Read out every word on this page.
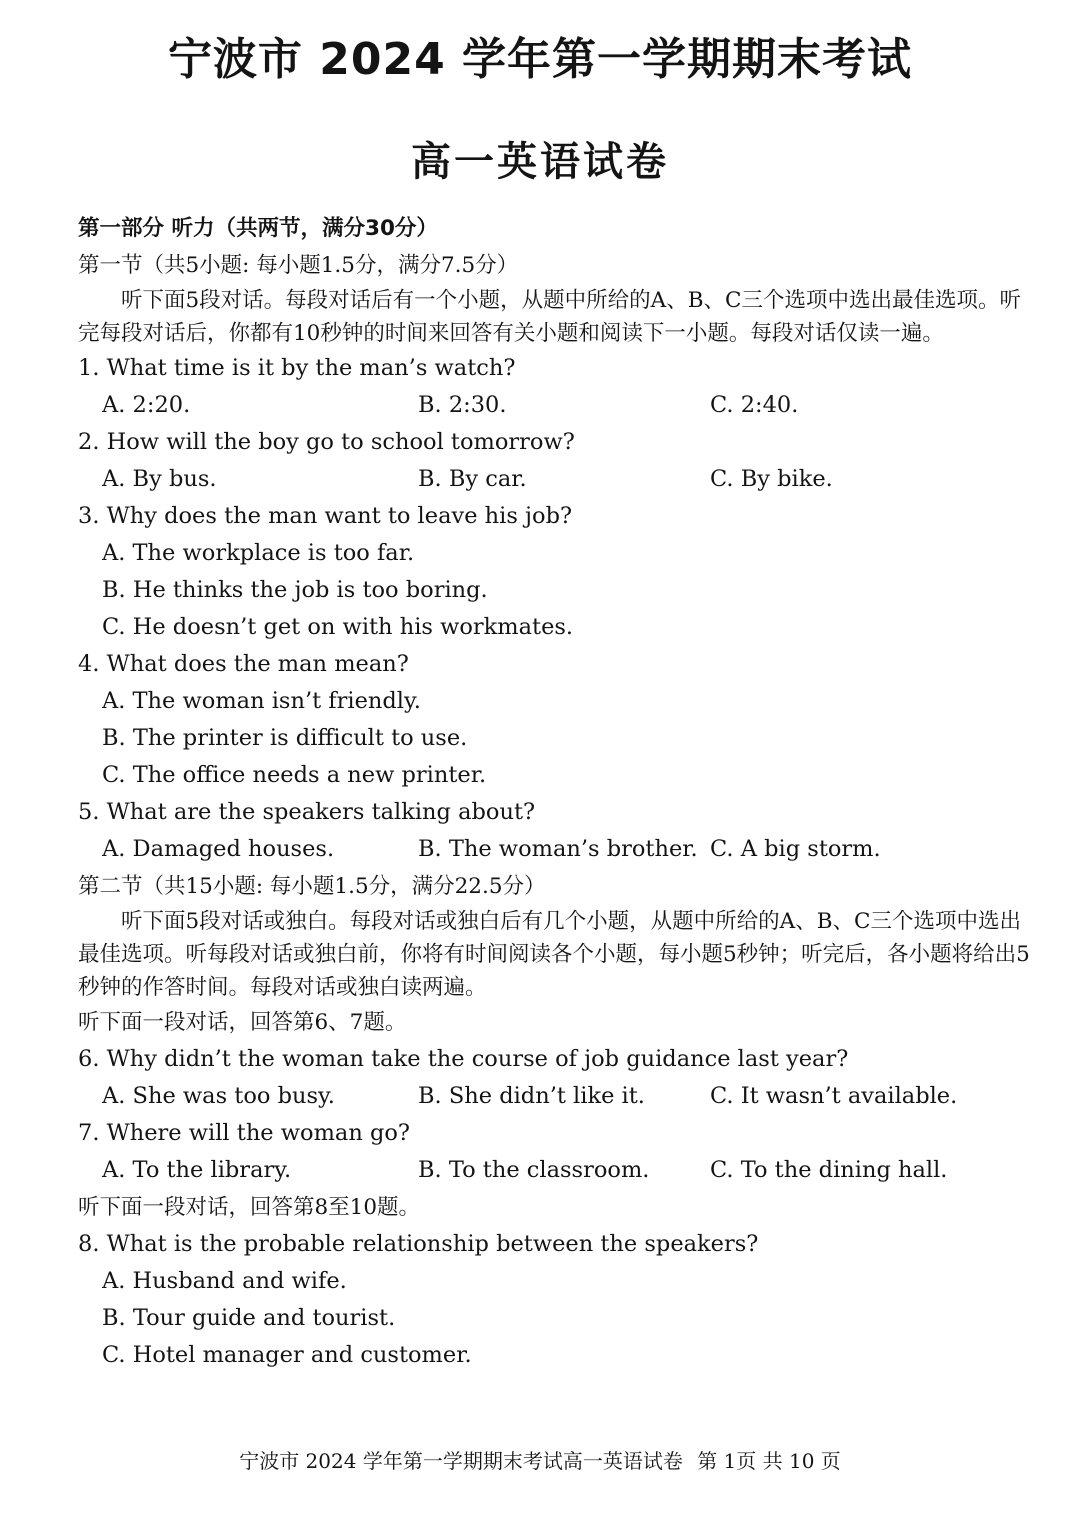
宁波市 2024 学年第一学期期末考试
高一英语试卷
第一部分 听力（共两节，满分30分）
第一节（共5小题: 每小题1.5分，满分7.5分）

听下面5段对话。每段对话后有一个小题，从题中所给的A、B、C三个选项中选出最佳选项。听完每段对话后，你都有10秒钟的时间来回答有关小题和阅读下一小题。每段对话仅读一遍。

1. What time is it by the man’s watch?
A. 2:20.	B. 2:30.	C. 2:40.
2. How will the boy go to school tomorrow?
A. By bus.	B. By car.	C. By bike.
3. Why does the man want to leave his job?
A. The workplace is too far.
B. He thinks the job is too boring.
C. He doesn’t get on with his workmates.
4. What does the man mean?
A. The woman isn’t friendly.
B. The printer is difficult to use.
C. The office needs a new printer.
5. What are the speakers talking about?
A. Damaged houses.	B. The woman’s brother. C. A big storm.
第二节（共15小题: 每小题1.5分，满分22.5分）

听下面5段对话或独白。每段对话或独白后有几个小题，从题中所给的A、B、C三个选项中选出最佳选项。听每段对话或独白前，你将有时间阅读各个小题，每小题5秒钟；听完后，各小题将给出5秒钟的作答时间。每段对话或独白读两遍。

听下面一段对话，回答第6、7题。
6. Why didn’t the woman take the course of job guidance last year?
A. She was too busy.	B. She didn’t like it.	C. It wasn’t available.
7. Where will the woman go?
A. To the library.	B. To the classroom.	C. To the dining hall.
听下面一段对话，回答第8至10题。
8. What is the probable relationship between the speakers?
A. Husband and wife.
B. Tour guide and tourist.
C. Hotel manager and customer.
宁波市 2024 学年第一学期期末考试高一英语试卷 第 1页 共 10 页
